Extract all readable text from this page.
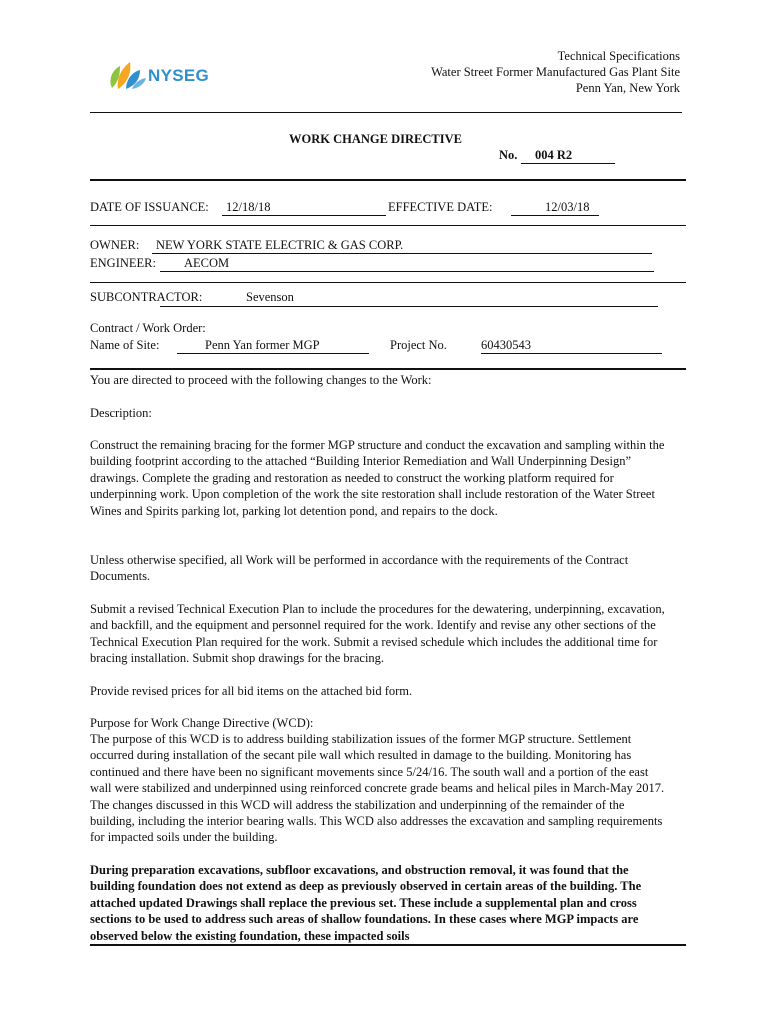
NYSEG
Technical Specifications
Water Street Former Manufactured Gas Plant Site
Penn Yan, New York
WORK CHANGE DIRECTIVE
No.	004 R2
DATE OF ISSUANCE:	12/18/18	EFFECTIVE DATE:	12/03/18
OWNER:	NEW YORK STATE ELECTRIC & GAS CORP.
ENGINEER:	AECOM
SUBCONTRACTOR:	Sevenson
Contract / Work Order:
Name of Site:	Penn Yan former MGP	Project No.	60430543
You are directed to proceed with the following changes to the Work:
Description:
Construct the remaining bracing for the former MGP structure and conduct the excavation and sampling within the building footprint according to the attached “Building Interior Remediation and Wall Underpinning Design” drawings. Complete the grading and restoration as needed to construct the working platform required for underpinning work. Upon completion of the work the site restoration shall include restoration of the Water Street Wines and Spirits parking lot, parking lot detention pond, and repairs to the dock.
Unless otherwise specified, all Work will be performed in accordance with the requirements of the Contract Documents.
Submit a revised Technical Execution Plan to include the procedures for the dewatering, underpinning, excavation, and backfill, and the equipment and personnel required for the work. Identify and revise any other sections of the Technical Execution Plan required for the work. Submit a revised schedule which includes the additional time for bracing installation. Submit shop drawings for the bracing.
Provide revised prices for all bid items on the attached bid form.
Purpose for Work Change Directive (WCD):
The purpose of this WCD is to address building stabilization issues of the former MGP structure. Settlement occurred during installation of the secant pile wall which resulted in damage to the building. Monitoring has continued and there have been no significant movements since 5/24/16. The south wall and a portion of the east wall were stabilized and underpinned using reinforced concrete grade beams and helical piles in March-May 2017. The changes discussed in this WCD will address the stabilization and underpinning of the remainder of the building, including the interior bearing walls. This WCD also addresses the excavation and sampling requirements for impacted soils under the building.
During preparation excavations, subfloor excavations, and obstruction removal, it was found that the building foundation does not extend as deep as previously observed in certain areas of the building. The attached updated Drawings shall replace the previous set. These include a supplemental plan and cross sections to be used to address such areas of shallow foundations. In these cases where MGP impacts are observed below the existing foundation, these impacted soils
